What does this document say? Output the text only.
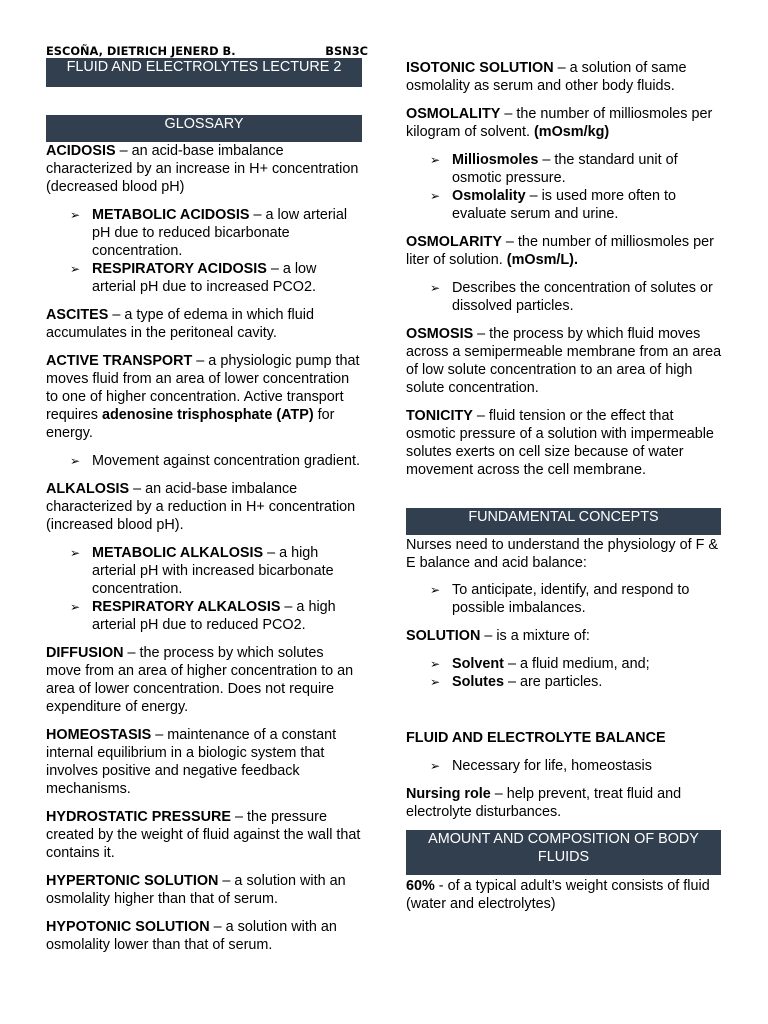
ESCOÑA, DIETRICH JENERD B.	BSN3C
FLUID AND ELECTROLYTES LECTURE 2
GLOSSARY

ACIDOSIS – an acid-base imbalance characterized by an increase in H+ concentration (decreased blood pH)

➢ METABOLIC ACIDOSIS – a low arterial pH due to reduced bicarbonate concentration.
➢ RESPIRATORY ACIDOSIS – a low arterial pH due to increased PCO2.

ASCITES – a type of edema in which fluid accumulates in the peritoneal cavity.

ACTIVE TRANSPORT – a physiologic pump that moves fluid from an area of lower concentration to one of higher concentration. Active transport requires adenosine trisphosphate (ATP) for energy.

➢ Movement against concentration gradient.

ALKALOSIS – an acid-base imbalance characterized by a reduction in H+ concentration (increased blood pH).

➢ METABOLIC ALKALOSIS – a high arterial pH with increased bicarbonate concentration.
➢ RESPIRATORY ALKALOSIS – a high arterial pH due to reduced PCO2.

DIFFUSION – the process by which solutes move from an area of higher concentration to an area of lower concentration. Does not require expenditure of energy.

HOMEOSTASIS – maintenance of a constant internal equilibrium in a biologic system that involves positive and negative feedback mechanisms.

HYDROSTATIC PRESSURE – the pressure created by the weight of fluid against the wall that contains it.

HYPERTONIC SOLUTION – a solution with an osmolality higher than that of serum.

HYPOTONIC SOLUTION – a solution with an osmolality lower than that of serum.

ISOTONIC SOLUTION – a solution of same osmolality as serum and other body fluids.

OSMOLALITY – the number of milliosmoles per kilogram of solvent. (mOsm/kg)

➢ Milliosmoles – the standard unit of osmotic pressure.
➢ Osmolality – is used more often to evaluate serum and urine.

OSMOLARITY – the number of milliosmoles per liter of solution. (mOsm/L).

➢ Describes the concentration of solutes or dissolved particles.

OSMOSIS – the process by which fluid moves across a semipermeable membrane from an area of low solute concentration to an area of high solute concentration.

TONICITY – fluid tension or the effect that osmotic pressure of a solution with impermeable solutes exerts on cell size because of water movement across the cell membrane.

FUNDAMENTAL CONCEPTS

Nurses need to understand the physiology of F & E balance and acid balance:

➢ To anticipate, identify, and respond to possible imbalances.

SOLUTION – is a mixture of:

➢ Solvent – a fluid medium, and;
➢ Solutes – are particles.

FLUID AND ELECTROLYTE BALANCE

➢ Necessary for life, homeostasis

Nursing role – help prevent, treat fluid and electrolyte disturbances.

AMOUNT AND COMPOSITION OF BODY FLUIDS

60% - of a typical adult’s weight consists of fluid (water and electrolytes)
